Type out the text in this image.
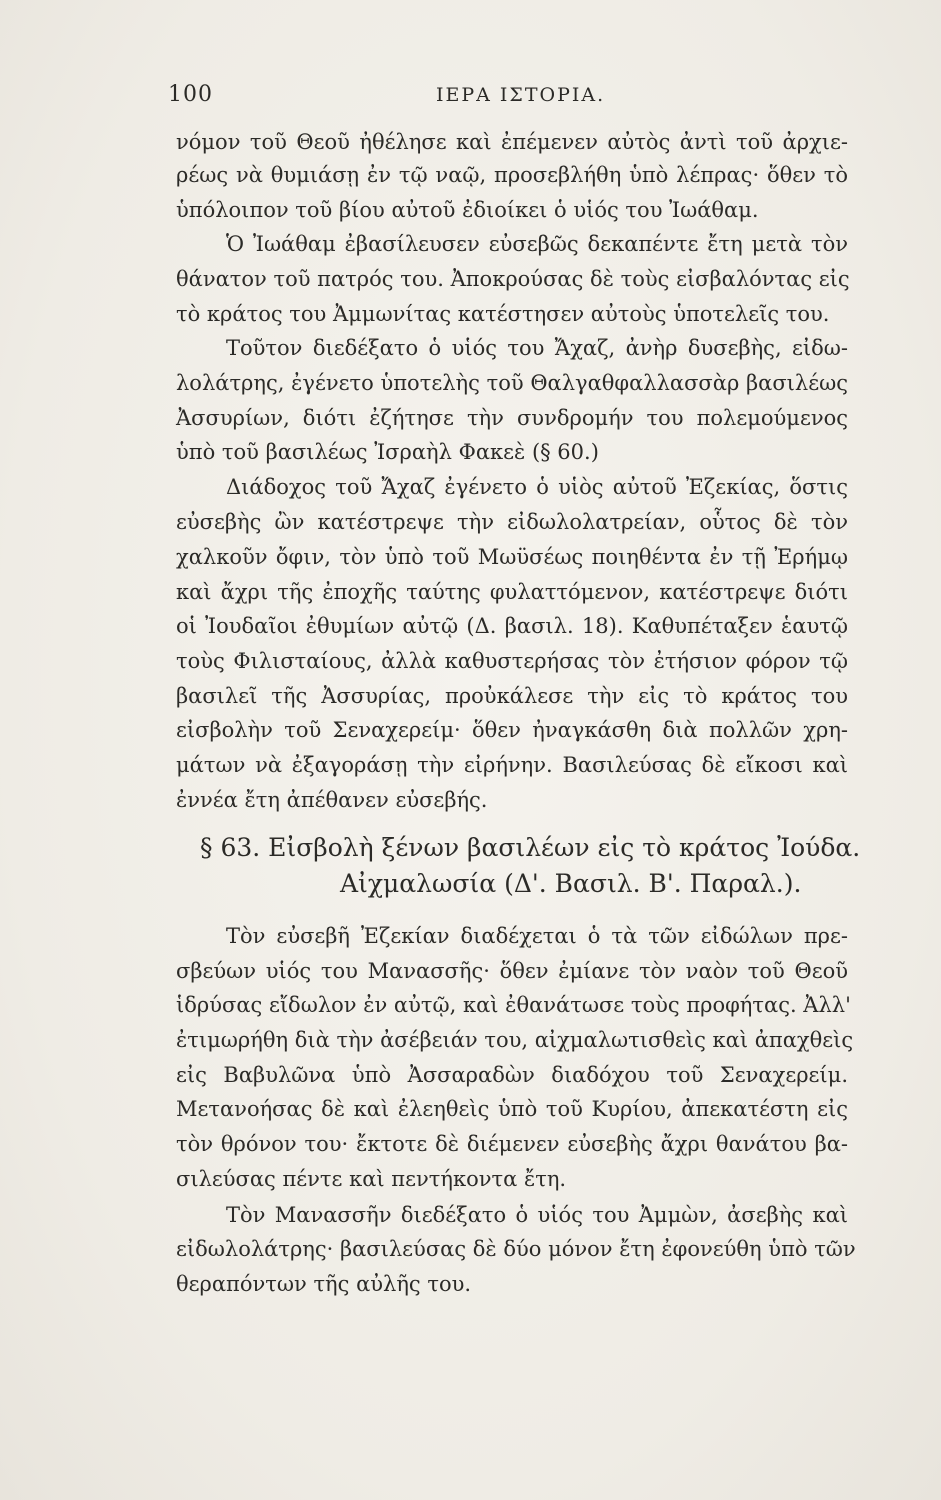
100	ΙΕΡΑ ΙΣΤΟΡΙΑ.
νόμον τοῦ Θεοῦ ἠθέλησε καὶ ἐπέμενεν αὐτὸς ἀντὶ τοῦ ἀρχιε-
ρέως νὰ θυμιάσῃ ἐν τῷ ναῷ, προσεβλήθη ὑπὸ λέπρας· ὅθεν τὸ
ὑπόλοιπον τοῦ βίου αὐτοῦ ἐδιοίκει ὁ υἱός του Ἰωάθαμ.
Ὁ Ἰωάθαμ ἐβασίλευσεν εὐσεβῶς δεκαπέντε ἔτη μετὰ τὸν
θάνατον τοῦ πατρός του. Ἀποκρούσας δὲ τοὺς εἰσβαλόντας εἰς
τὸ κράτος του Ἀμμωνίτας κατέστησεν αὐτοὺς ὑποτελεῖς του.
Τοῦτον διεδέξατο ὁ υἱός του Ἄχαζ, ἀνὴρ δυσεβὴς, εἰδω-
λολάτρης, ἐγένετο ὑποτελὴς τοῦ Θαλγαθφαλλασσὰρ βασιλέως
Ἀσσυρίων, διότι ἐζήτησε τὴν συνδρομήν του πολεμούμενος
ὑπὸ τοῦ βασιλέως Ἰσραὴλ Φακεὲ (§ 60.)
Διάδοχος τοῦ Ἄχαζ ἐγένετο ὁ υἱὸς αὐτοῦ Ἐζεκίας, ὅστις
εὐσεβὴς ὢν κατέστρεψε τὴν εἰδωλολατρείαν, οὗτος δὲ τὸν
χαλκοῦν ὄφιν, τὸν ὑπὸ τοῦ Μωϋσέως ποιηθέντα ἐν τῇ Ἐρήμῳ
καὶ ἄχρι τῆς ἐποχῆς ταύτης φυλαττόμενον, κατέστρεψε διότι
οἱ Ἰουδαῖοι ἐθυμίων αὐτῷ (Δ. βασιλ. 18). Καθυπέταξεν ἑαυτῷ
τοὺς Φιλισταίους, ἀλλὰ καθυστερήσας τὸν ἐτήσιον φόρον τῷ
βασιλεῖ τῆς Ἀσσυρίας, προὐκάλεσε τὴν εἰς τὸ κράτος του
εἰσβολὴν τοῦ Σεναχερείμ· ὅθεν ἠναγκάσθη διὰ πολλῶν χρη-
μάτων νὰ ἐξαγοράσῃ τὴν εἰρήνην. Βασιλεύσας δὲ εἴκοσι καὶ
ἐννέα ἔτη ἀπέθανεν εὐσεβής.
§ 63. Εἰσβολὴ ξένων βασιλέων εἰς τὸ κράτος Ἰούδα.
Αἰχμαλωσία (Δ'. Βασιλ. Β'. Παραλ.).
Τὸν εὐσεβῆ Ἐζεκίαν διαδέχεται ὁ τὰ τῶν εἰδώλων πρε-
σβεύων υἱός του Μανασσῆς· ὅθεν ἐμίανε τὸν ναὸν τοῦ Θεοῦ
ἱδρύσας εἴδωλον ἐν αὐτῷ, καὶ ἐθανάτωσε τοὺς προφήτας. Ἀλλ'
ἐτιμωρήθη διὰ τὴν ἀσέβειάν του, αἰχμαλωτισθεὶς καὶ ἀπαχθεὶς
εἰς Βαβυλῶνα ὑπὸ Ἀσσαραδὼν διαδόχου τοῦ Σεναχερείμ.
Μετανοήσας δὲ καὶ ἐλεηθεὶς ὑπὸ τοῦ Κυρίου, ἀπεκατέστη εἰς
τὸν θρόνον του· ἔκτοτε δὲ διέμενεν εὐσεβὴς ἄχρι θανάτου βα-
σιλεύσας πέντε καὶ πεντήκοντα ἔτη.
Τὸν Μανασσῆν διεδέξατο ὁ υἱός του Ἀμμὼν, ἀσεβὴς καὶ
εἰδωλολάτρης· βασιλεύσας δὲ δύο μόνον ἔτη ἐφονεύθη ὑπὸ τῶν
θεραπόντων τῆς αὐλῆς του.
